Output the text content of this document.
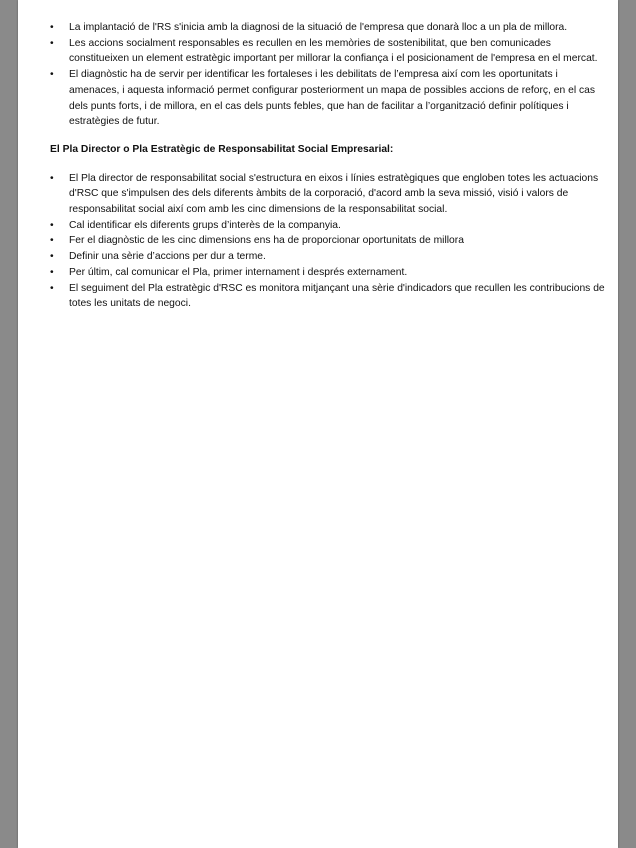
•	La implantació de l'RS s'inicia amb la diagnosi de la situació de l'empresa que donarà lloc a un pla de millora.
•	Les accions socialment responsables es recullen en les memòries de sostenibilitat, que ben comunicades constitueixen un element estratègic important per millorar la confiança i el posicionament de l'empresa en el mercat.
•	El diagnòstic ha de servir per identificar les fortaleses i les debilitats de l’empresa així com les oportunitats i amenaces, i aquesta informació permet configurar posteriorment un mapa de possibles accions de reforç, en el cas dels punts forts, i de millora, en el cas dels punts febles, que han de facilitar a l’organització definir polítiques i estratègies de futur.
El Pla Director o Pla Estratègic de Responsabilitat Social Empresarial:
•	El Pla director de responsabilitat social s'estructura en eixos i línies estratègiques que engloben totes les actuacions d'RSC que s'impulsen des dels diferents àmbits de la corporació, d'acord amb la seva missió, visió i valors de responsabilitat social així com amb les cinc dimensions de la responsabilitat social.
•	Cal identificar els diferents grups d’interès de la companyia.
•	Fer el diagnòstic de les cinc dimensions ens ha de proporcionar oportunitats de millora
•	Definir una sèrie d’accions per dur a terme.
•	Per últim, cal comunicar el Pla, primer internament i després externament.
•	El seguiment del Pla estratègic d'RSC es monitora mitjançant una sèrie d'indicadors que recullen les contribucions de totes les unitats de negoci.
